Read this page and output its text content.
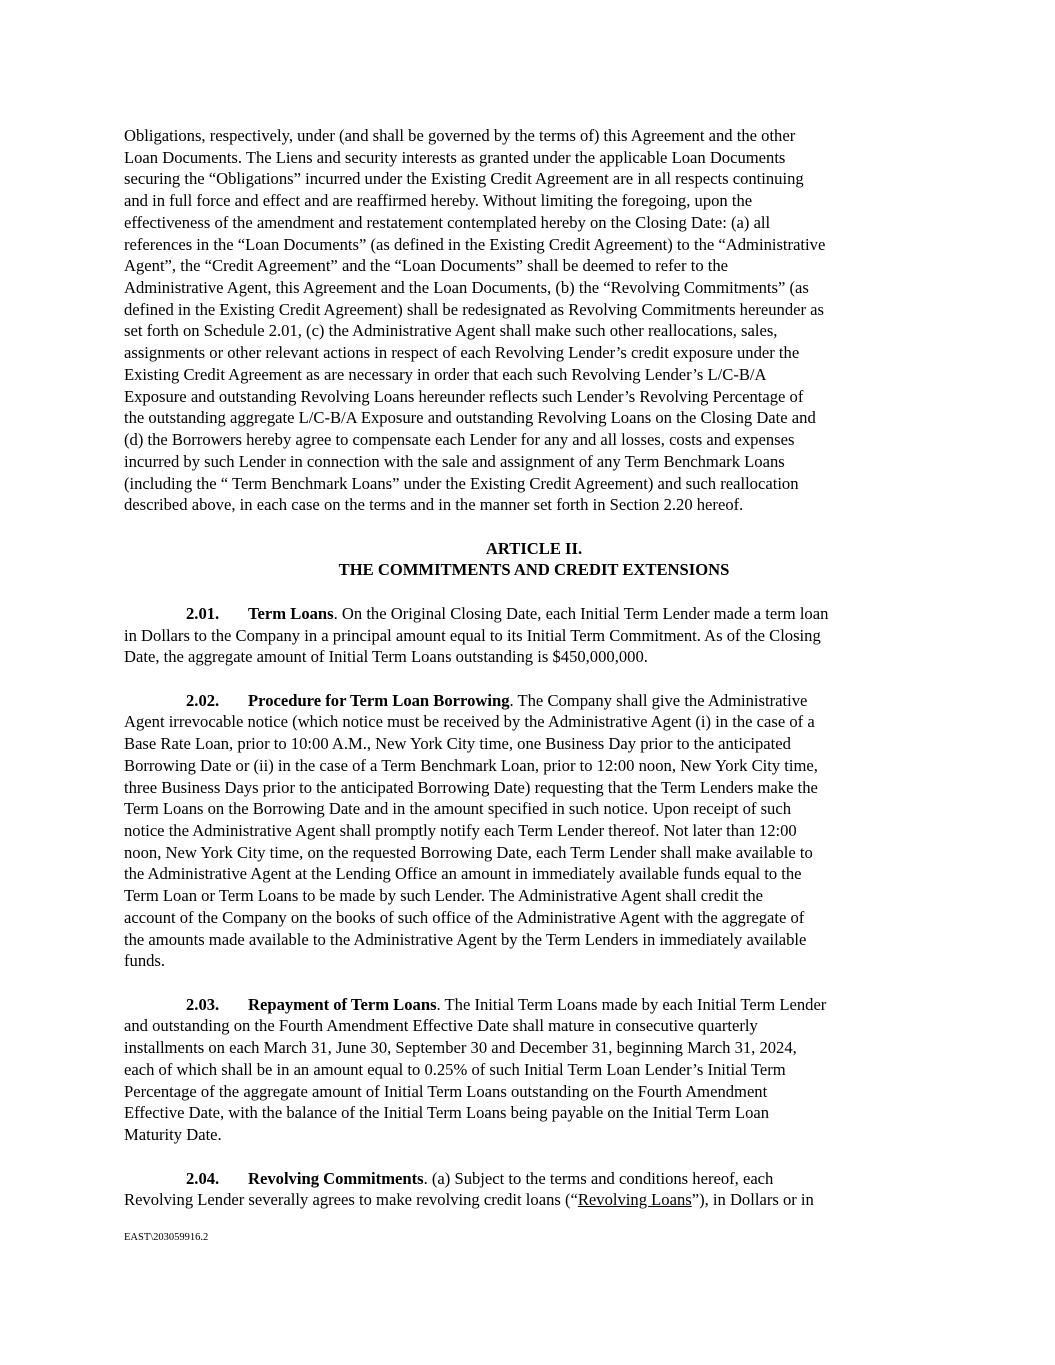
Obligations, respectively, under (and shall be governed by the terms of) this Agreement and the other
Loan Documents. The Liens and security interests as granted under the applicable Loan Documents
securing the “Obligations” incurred under the Existing Credit Agreement are in all respects continuing
and in full force and effect and are reaffirmed hereby. Without limiting the foregoing, upon the
effectiveness of the amendment and restatement contemplated hereby on the Closing Date: (a) all
references in the “Loan Documents” (as defined in the Existing Credit Agreement) to the “Administrative
Agent”, the “Credit Agreement” and the “Loan Documents” shall be deemed to refer to the
Administrative Agent, this Agreement and the Loan Documents, (b) the “Revolving Commitments” (as
defined in the Existing Credit Agreement) shall be redesignated as Revolving Commitments hereunder as
set forth on Schedule 2.01, (c) the Administrative Agent shall make such other reallocations, sales,
assignments or other relevant actions in respect of each Revolving Lender’s credit exposure under the
Existing Credit Agreement as are necessary in order that each such Revolving Lender’s L/C-B/A
Exposure and outstanding Revolving Loans hereunder reflects such Lender’s Revolving Percentage of
the outstanding aggregate L/C-B/A Exposure and outstanding Revolving Loans on the Closing Date and
(d) the Borrowers hereby agree to compensate each Lender for any and all losses, costs and expenses
incurred by such Lender in connection with the sale and assignment of any Term Benchmark Loans
(including the “ Term Benchmark Loans” under the Existing Credit Agreement) and such reallocation
described above, in each case on the terms and in the manner set forth in Section 2.20 hereof.
ARTICLE II.
THE COMMITMENTS AND CREDIT EXTENSIONS
2.01. Term Loans. On the Original Closing Date, each Initial Term Lender made a term loan
in Dollars to the Company in a principal amount equal to its Initial Term Commitment. As of the Closing
Date, the aggregate amount of Initial Term Loans outstanding is $450,000,000.
2.02. Procedure for Term Loan Borrowing. The Company shall give the Administrative
Agent irrevocable notice (which notice must be received by the Administrative Agent (i) in the case of a
Base Rate Loan, prior to 10:00 A.M., New York City time, one Business Day prior to the anticipated
Borrowing Date or (ii) in the case of a Term Benchmark Loan, prior to 12:00 noon, New York City time,
three Business Days prior to the anticipated Borrowing Date) requesting that the Term Lenders make the
Term Loans on the Borrowing Date and in the amount specified in such notice. Upon receipt of such
notice the Administrative Agent shall promptly notify each Term Lender thereof. Not later than 12:00
noon, New York City time, on the requested Borrowing Date, each Term Lender shall make available to
the Administrative Agent at the Lending Office an amount in immediately available funds equal to the
Term Loan or Term Loans to be made by such Lender. The Administrative Agent shall credit the
account of the Company on the books of such office of the Administrative Agent with the aggregate of
the amounts made available to the Administrative Agent by the Term Lenders in immediately available
funds.
2.03. Repayment of Term Loans. The Initial Term Loans made by each Initial Term Lender
and outstanding on the Fourth Amendment Effective Date shall mature in consecutive quarterly
installments on each March 31, June 30, September 30 and December 31, beginning March 31, 2024,
each of which shall be in an amount equal to 0.25% of such Initial Term Loan Lender’s Initial Term
Percentage of the aggregate amount of Initial Term Loans outstanding on the Fourth Amendment
Effective Date, with the balance of the Initial Term Loans being payable on the Initial Term Loan
Maturity Date.
2.04. Revolving Commitments. (a) Subject to the terms and conditions hereof, each
Revolving Lender severally agrees to make revolving credit loans (“Revolving Loans”), in Dollars or in
EAST\203059916.2
